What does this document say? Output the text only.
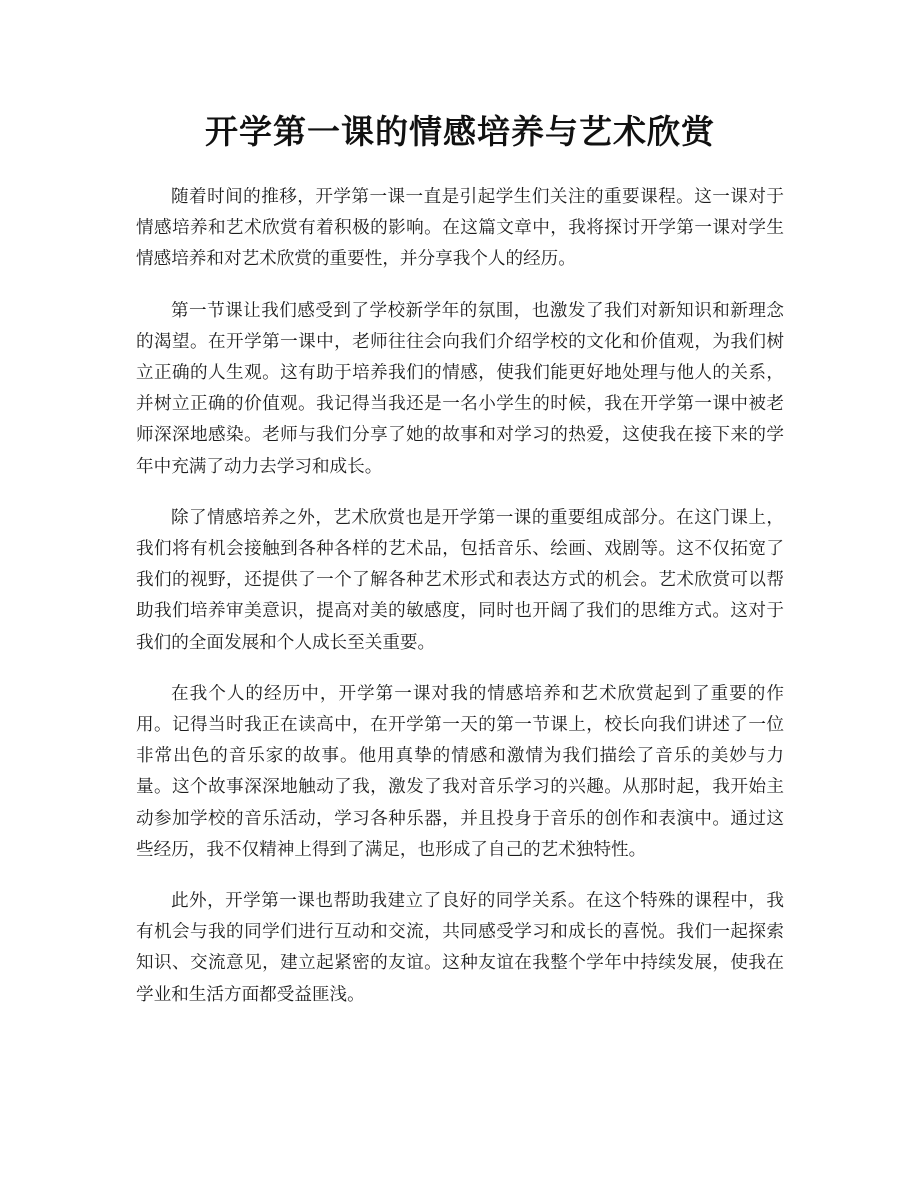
开学第一课的情感培养与艺术欣赏

随着时间的推移，开学第一课一直是引起学生们关注的重要课程。这一课对于情感培养和艺术欣赏有着积极的影响。在这篇文章中，我将探讨开学第一课对学生情感培养和对艺术欣赏的重要性，并分享我个人的经历。

第一节课让我们感受到了学校新学年的氛围，也激发了我们对新知识和新理念的渴望。在开学第一课中，老师往往会向我们介绍学校的文化和价值观，为我们树立正确的人生观。这有助于培养我们的情感，使我们能更好地处理与他人的关系，并树立正确的价值观。我记得当我还是一名小学生的时候，我在开学第一课中被老师深深地感染。老师与我们分享了她的故事和对学习的热爱，这使我在接下来的学年中充满了动力去学习和成长。

除了情感培养之外，艺术欣赏也是开学第一课的重要组成部分。在这门课上，我们将有机会接触到各种各样的艺术品，包括音乐、绘画、戏剧等。这不仅拓宽了我们的视野，还提供了一个了解各种艺术形式和表达方式的机会。艺术欣赏可以帮助我们培养审美意识，提高对美的敏感度，同时也开阔了我们的思维方式。这对于我们的全面发展和个人成长至关重要。

在我个人的经历中，开学第一课对我的情感培养和艺术欣赏起到了重要的作用。记得当时我正在读高中，在开学第一天的第一节课上，校长向我们讲述了一位非常出色的音乐家的故事。他用真挚的情感和激情为我们描绘了音乐的美妙与力量。这个故事深深地触动了我，激发了我对音乐学习的兴趣。从那时起，我开始主动参加学校的音乐活动，学习各种乐器，并且投身于音乐的创作和表演中。通过这些经历，我不仅精神上得到了满足，也形成了自己的艺术独特性。

此外，开学第一课也帮助我建立了良好的同学关系。在这个特殊的课程中，我有机会与我的同学们进行互动和交流，共同感受学习和成长的喜悦。我们一起探索知识、交流意见，建立起紧密的友谊。这种友谊在我整个学年中持续发展，使我在学业和生活方面都受益匪浅。
